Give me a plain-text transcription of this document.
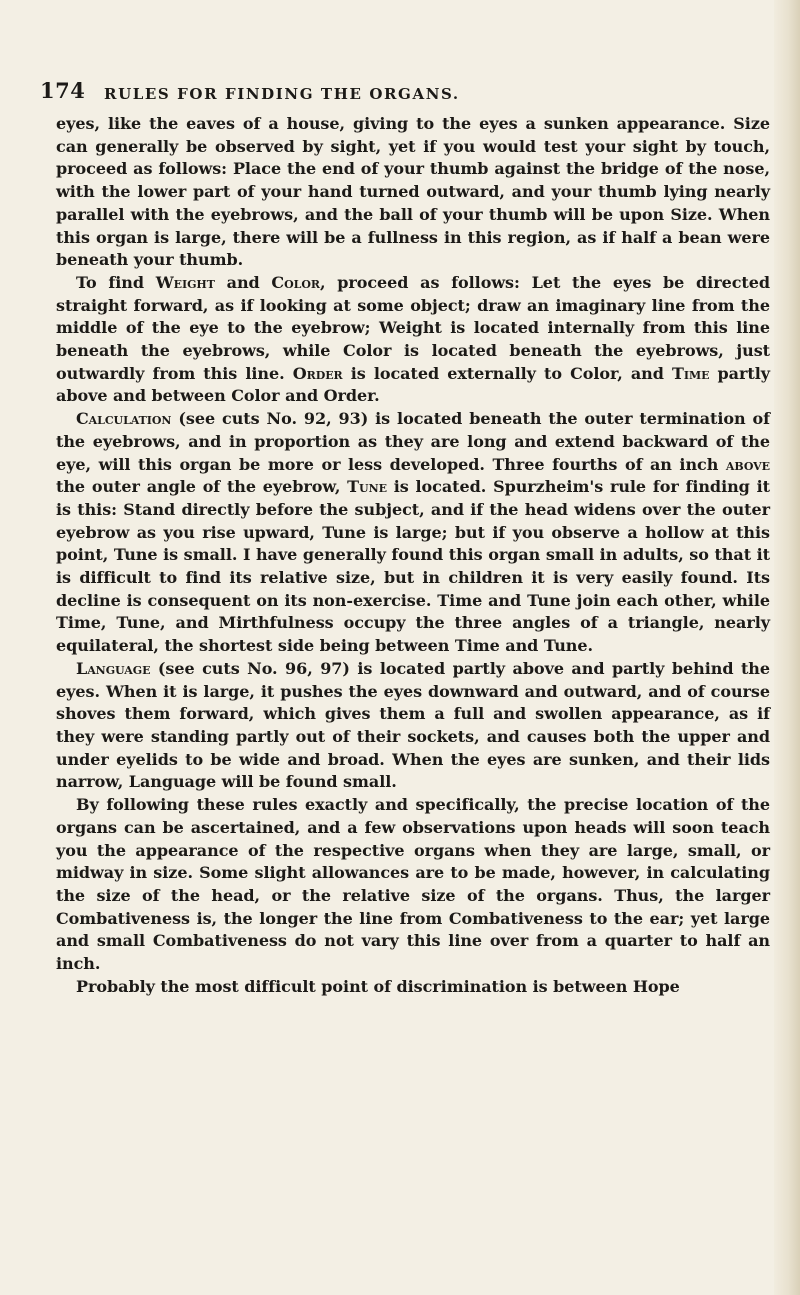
174 RULES FOR FINDING THE ORGANS.

eyes, like the eaves of a house, giving to the eyes a sunken appearance. Size can generally be observed by sight, yet if you would test your sight by touch, proceed as follows: Place the end of your thumb against the bridge of the nose, with the lower part of your hand turned outward, and your thumb lying nearly parallel with the eyebrows, and the ball of your thumb will be upon Size. When this organ is large, there will be a fullness in this region, as if half a bean were beneath your thumb.

To find Weight and Color, proceed as follows: Let the eyes be directed straight forward, as if looking at some object; draw an imaginary line from the middle of the eye to the eyebrow; Weight is located internally from this line beneath the eyebrows, while Color is located beneath the eyebrows, just outwardly from this line. Order is located externally to Color, and Time partly above and between Color and Order.

Calculation (see cuts No. 92, 93) is located beneath the outer termination of the eyebrows, and in proportion as they are long and extend backward of the eye, will this organ be more or less developed. Three fourths of an inch above the outer angle of the eyebrow, Tune is located. Spurzheim's rule for finding it is this: Stand directly before the subject, and if the head widens over the outer eyebrow as you rise upward, Tune is large; but if you observe a hollow at this point, Tune is small. I have generally found this organ small in adults, so that it is difficult to find its relative size, but in children it is very easily found. Its decline is consequent on its non-exercise. Time and Tune join each other, while Time, Tune, and Mirthfulness occupy the three angles of a triangle, nearly equilateral, the shortest side being between Time and Tune.

Language (see cuts No. 96, 97) is located partly above and partly behind the eyes. When it is large, it pushes the eyes downward and outward, and of course shoves them forward, which gives them a full and swollen appearance, as if they were standing partly out of their sockets, and causes both the upper and under eyelids to be wide and broad. When the eyes are sunken, and their lids narrow, Language will be found small.

By following these rules exactly and specifically, the precise location of the organs can be ascertained, and a few observations upon heads will soon teach you the appearance of the respective organs when they are large, small, or midway in size. Some slight allowances are to be made, however, in calculating the size of the head, or the relative size of the organs. Thus, the larger Combativeness is, the longer the line from Combativeness to the ear; yet large and small Combativeness do not vary this line over from a quarter to half an inch.

Probably the most difficult point of discrimination is between Hope
